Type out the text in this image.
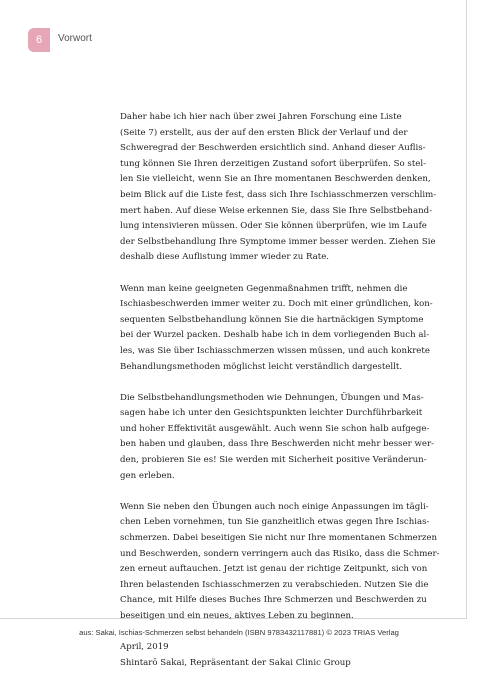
6	Vorwort

Daher habe ich hier nach über zwei Jahren Forschung eine Liste
(Seite 7) erstellt, aus der auf den ersten Blick der Verlauf und der
Schweregrad der Beschwerden ersichtlich sind. Anhand dieser Auflis-
tung können Sie Ihren derzeitigen Zustand sofort überprüfen. So stel-
len Sie vielleicht, wenn Sie an Ihre momentanen Beschwerden denken,
beim Blick auf die Liste fest, dass sich Ihre Ischiasschmerzen verschlim-
mert haben. Auf diese Weise erkennen Sie, dass Sie Ihre Selbstbehand-
lung intensivieren müssen. Oder Sie können überprüfen, wie im Laufe
der Selbstbehandlung Ihre Symptome immer besser werden. Ziehen Sie
deshalb diese Auflistung immer wieder zu Rate.

Wenn man keine geeigneten Gegenmaßnahmen trifft, nehmen die
Ischiasbeschwerden immer weiter zu. Doch mit einer gründlichen, kon-
sequenten Selbstbehandlung können Sie die hartnäckigen Symptome
bei der Wurzel packen. Deshalb habe ich in dem vorliegenden Buch al-
les, was Sie über Ischiasschmerzen wissen müssen, und auch konkrete
Behandlungsmethoden möglichst leicht verständlich dargestellt.

Die Selbstbehandlungsmethoden wie Dehnungen, Übungen und Mas-
sagen habe ich unter den Gesichtspunkten leichter Durchführbarkeit
und hoher Effektivität ausgewählt. Auch wenn Sie schon halb aufgege-
ben haben und glauben, dass Ihre Beschwerden nicht mehr besser wer-
den, probieren Sie es! Sie werden mit Sicherheit positive Veränderun-
gen erleben.

Wenn Sie neben den Übungen auch noch einige Anpassungen im tägli-
chen Leben vornehmen, tun Sie ganzheitlich etwas gegen Ihre Ischias-
schmerzen. Dabei beseitigen Sie nicht nur Ihre momentanen Schmerzen
und Beschwerden, sondern verringern auch das Risiko, dass die Schmer-
zen erneut auftauchen. Jetzt ist genau der richtige Zeitpunkt, sich von
Ihren belastenden Ischiasschmerzen zu verabschieden. Nutzen Sie die
Chance, mit Hilfe dieses Buches Ihre Schmerzen und Beschwerden zu
beseitigen und ein neues, aktives Leben zu beginnen.

April, 2019
Shintarō Sakai, Repräsentant der Sakai Clinic Group

aus: Sakai, Ischias-Schmerzen selbst behandeln (ISBN 9783432117881) © 2023 TRIAS Verlag
